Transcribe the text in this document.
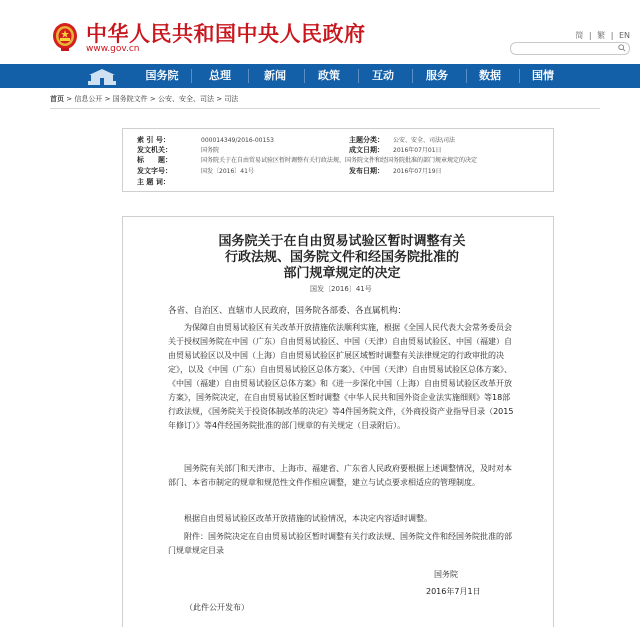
中华人民共和国中央人民政府
www.gov.cn
简 | 繁 | EN
国务院	总理	新闻	政策	互动	服务	数据	国情
首页 > 信息公开 > 国务院文件 > 公安、安全、司法 > 司法
索 引 号：	000014349/2016-00153	主题分类： 公安、安全、司法\司法
发文机关：	国务院	成文日期： 2016年07月01日
标　　题：	国务院关于在自由贸易试验区暂时调整有关行政法规、国务院文件和经国务院批准的部门规章规定的决定
发文字号：	国发〔2016〕41号	发布日期： 2016年07月19日
主 题 词：
国务院关于在自由贸易试验区暂时调整有关
行政法规、国务院文件和经国务院批准的
部门规章规定的决定
国发〔2016〕41号
各省、自治区、直辖市人民政府，国务院各部委、各直属机构：

为保障自由贸易试验区有关改革开放措施依法顺利实施，根据《全国人民代表大会常务委员会关于授权国务院在中国（广东）自由贸易试验区、中国（天津）自由贸易试验区、中国（福建）自由贸易试验区以及中国（上海）自由贸易试验区扩展区域暂时调整有关法律规定的行政审批的决定》，以及《中国（广东）自由贸易试验区总体方案》、《中国（天津）自由贸易试验区总体方案》、《中国（福建）自由贸易试验区总体方案》和《进一步深化中国（上海）自由贸易试验区改革开放方案》，国务院决定，在自由贸易试验区暂时调整《中华人民共和国外资企业法实施细则》等18部行政法规，《国务院关于投资体制改革的决定》等4件国务院文件，《外商投资产业指导目录（2015年修订）》等4件经国务院批准的部门规章的有关规定（目录附后）。

国务院有关部门和天津市、上海市、福建省、广东省人民政府要根据上述调整情况，及时对本部门、本省市制定的规章和规范性文件作相应调整，建立与试点要求相适应的管理制度。

根据自由贸易试验区改革开放措施的试验情况，本决定内容适时调整。

附件：国务院决定在自由贸易试验区暂时调整有关行政法规、国务院文件和经国务院批准的部门规章规定目录

国务院
2016年7月1日
（此件公开发布）
